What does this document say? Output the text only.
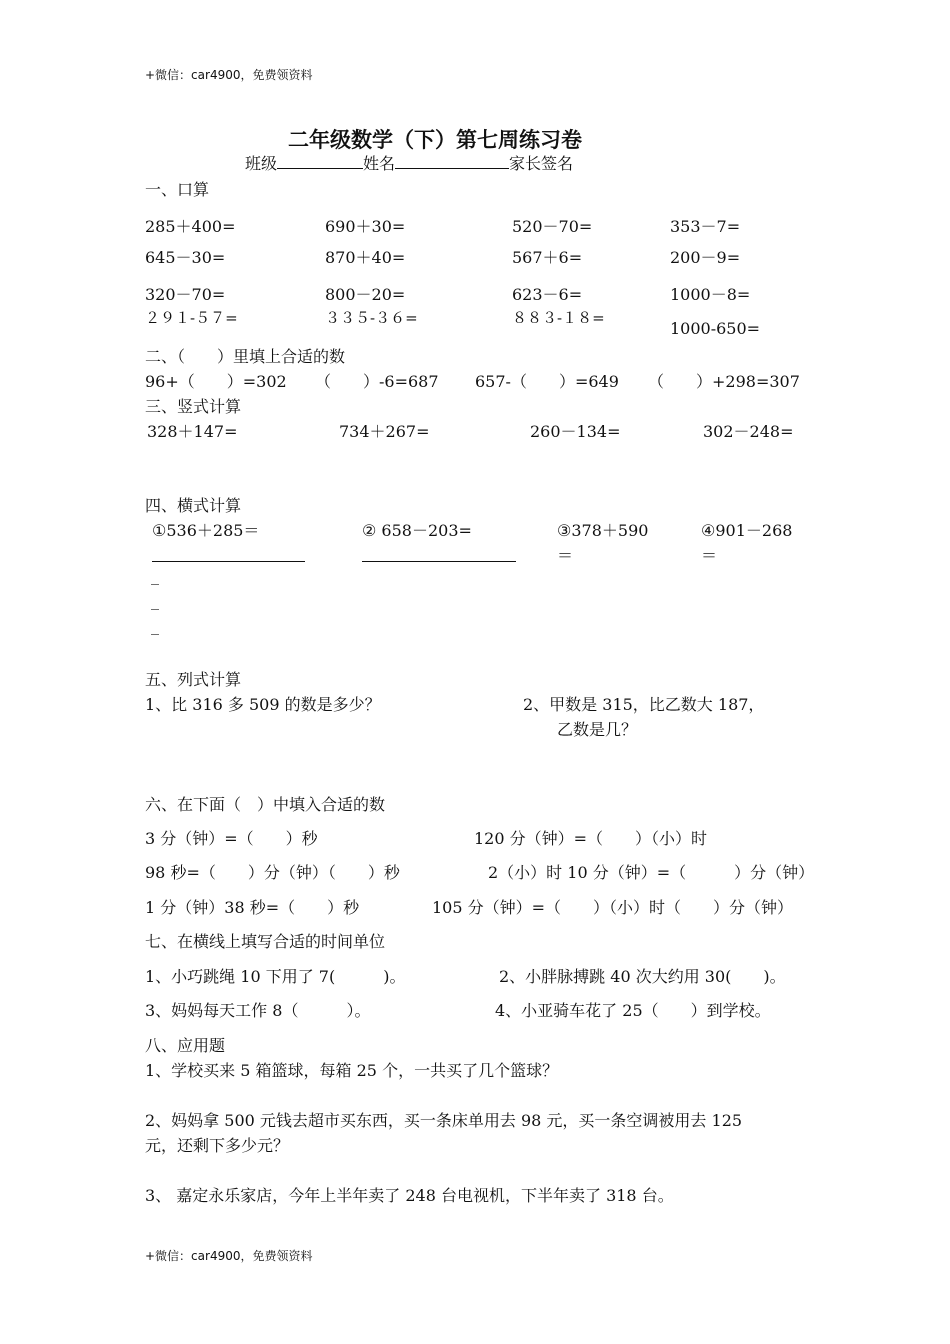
+微信：car4900，免费领资料
二年级数学（下）第七周练习卷
班级	姓名	家长签名
一、口算
285＋400=	690＋30=	520－70=	353－7=
645－30=	870＋40=	567＋6=	200－9=
320－70=	800－20=	623－6=	1000－8=
２９１-５７=	３３５-３６=	８８３-１８=
1000-650=
二、（　　）里填上合适的数
96+（　　）=302 （　　）-6=687 657-（　　）=649 （　　）+298=307
三、竖式计算
328＋147=	734＋267=	260－134=	302－248=
四、横式计算
①536＋285＝	② 658－203=	③378＋590	④901－268
＝	＝
_
_
_
五、列式计算
1、比 316 多 509 的数是多少？	2、甲数是 315，比乙数大 187，
乙数是几？
六、在下面（　）中填入合适的数
3 分（钟）=（　　）秒	120 分（钟）=（　　）（小）时
98 秒=（　　）分（钟）（　　）秒	2（小）时 10 分（钟）=（　　　）分（钟）
1 分（钟）38 秒=（　　）秒	105 分（钟）=（　　）（小）时（　　）分（钟）
七、在横线上填写合适的时间单位
1、小巧跳绳 10 下用了 7(　　　)。	2、小胖脉搏跳 40 次大约用 30(　　)。
3、妈妈每天工作 8（　　　）。	4、小亚骑车花了 25（　　）到学校。
八、应用题
1、学校买来 5 箱篮球，每箱 25 个，一共买了几个篮球？
2、妈妈拿 500 元钱去超市买东西，买一条床单用去 98 元，买一条空调被用去 125
元，还剩下多少元？
3、 嘉定永乐家店，今年上半年卖了 248 台电视机，下半年卖了 318 台。
+微信：car4900，免费领资料
